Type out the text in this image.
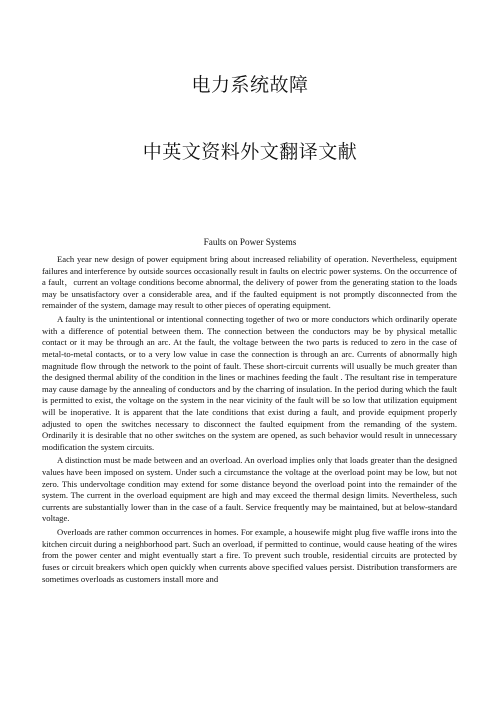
电力系统故障
中英文资料外文翻译文献
Faults on Power Systems

Each year new design of power equipment bring about increased reliability of operation. Nevertheless, equipment failures and interference by outside sources occasionally result in faults on electric power systems. On the occurrence of a fault，current an voltage conditions become abnormal, the delivery of power from the generating station to the loads may be unsatisfactory over a considerable area, and if the faulted equipment is not promptly disconnected from the remainder of the system, damage may result to other pieces of operating equipment.

A faulty is the unintentional or intentional connecting together of two or more conductors which ordinarily operate with a difference of potential between them. The connection between the conductors may be by physical metallic contact or it may be through an arc. At the fault, the voltage between the two parts is reduced to zero in the case of metal-to-metal contacts, or to a very low value in case the connection is through an arc. Currents of abnormally high magnitude flow through the network to the point of fault. These short-circuit currents will usually be much greater than the designed thermal ability of the condition in the lines or machines feeding the fault . The resultant rise in temperature may cause damage by the annealing of conductors and by the charring of insulation. In the period during which the fault is permitted to exist, the voltage on the system in the near vicinity of the fault will be so low that utilization equipment will be inoperative. It is apparent that the late conditions that exist during a fault, and provide equipment properly adjusted to open the switches necessary to disconnect the faulted equipment from the remanding of the system. Ordinarily it is desirable that no other switches on the system are opened, as such behavior would result in unnecessary modification the system circuits.

A distinction must be made between and an overload. An overload implies only that loads greater than the designed values have been imposed on system. Under such a circumstance the voltage at the overload point may be low, but not zero. This undervoltage condition may extend for some distance beyond the overload point into the remainder of the system. The current in the overload equipment are high and may exceed the thermal design limits. Nevertheless, such currents are substantially lower than in the case of a fault. Service frequently may be maintained, but at below-standard voltage.

Overloads are rather common occurrences in homes. For example, a housewife might plug five waffle irons into the kitchen circuit during a neighborhood part. Such an overload, if permitted to continue, would cause heating of the wires from the power center and might eventually start a fire. To prevent such trouble, residential circuits are protected by fuses or circuit breakers which open quickly when currents above specified values persist. Distribution transformers are sometimes overloads as customers install more and
